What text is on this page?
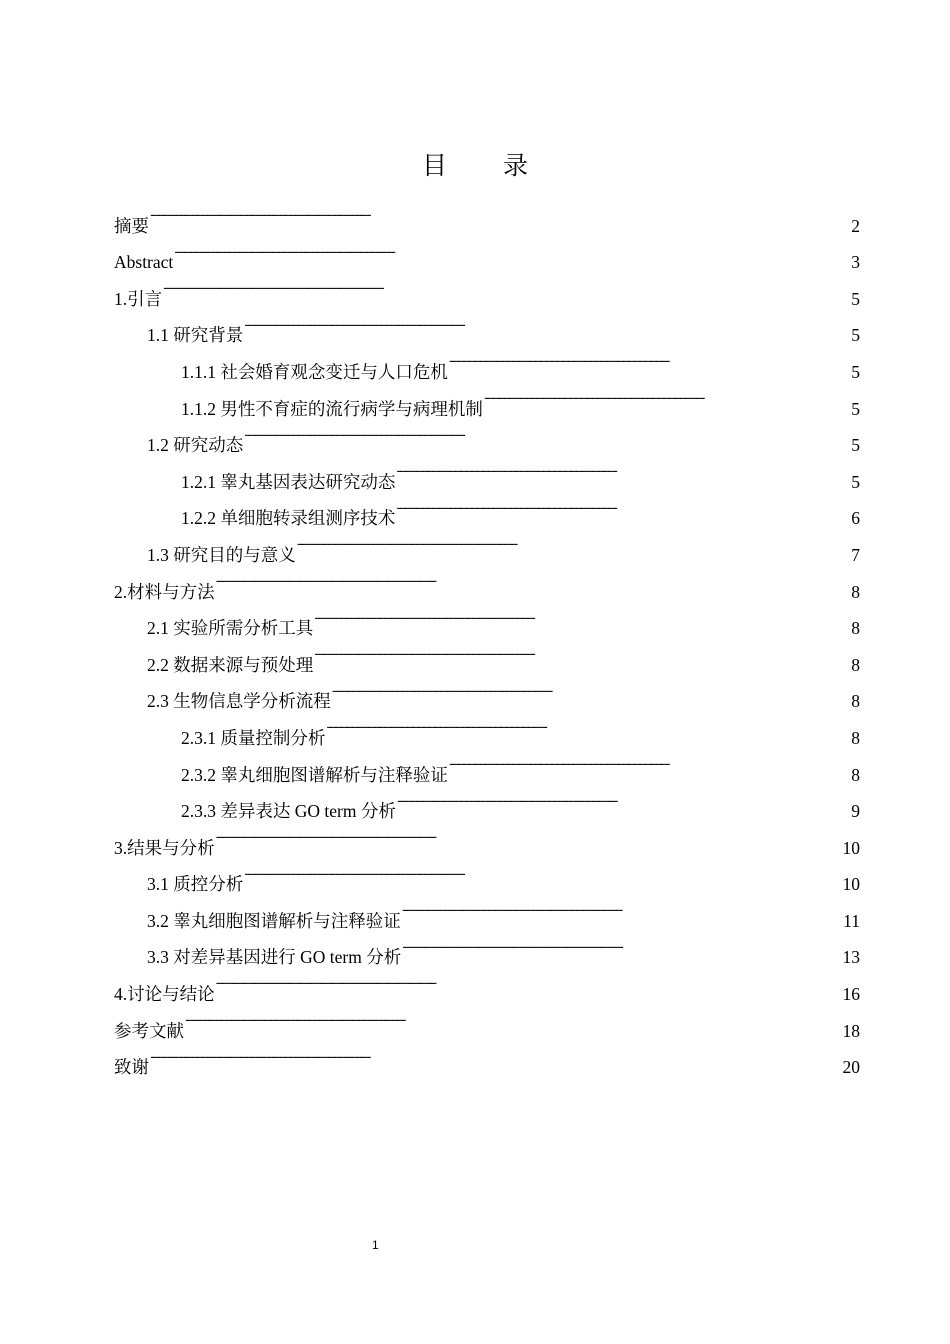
目 录
摘要 . . .	2
Abstract . . .	3
1.引言 . . .	5
1.1 研究背景 . . .	5
1.1.1 社会婚育观念变迁与人口危机 . . .	5
1.1.2 男性不育症的流行病学与病理机制 . . .	5
1.2 研究动态 . . .	5
1.2.1 睾丸基因表达研究动态 . . .	5
1.2.2 单细胞转录组测序技术 . . .	6
1.3 研究目的与意义 . . .	7
2.材料与方法 . . .	8
2.1 实验所需分析工具 . . .	8
2.2 数据来源与预处理 . . .	8
2.3 生物信息学分析流程 . . .	8
2.3.1 质量控制分析 . . .	8
2.3.2 睾丸细胞图谱解析与注释验证 . . .	8
2.3.3 差异表达 GO term 分析 . . .	9
3.结果与分析 . . .	10
3.1 质控分析 . . .	10
3.2 睾丸细胞图谱解析与注释验证 . . .	11
3.3 对差异基因进行 GO term 分析 . . .	13
4.讨论与结论 . . .	16
参考文献 . . .	18
致谢 . . .	20
1
